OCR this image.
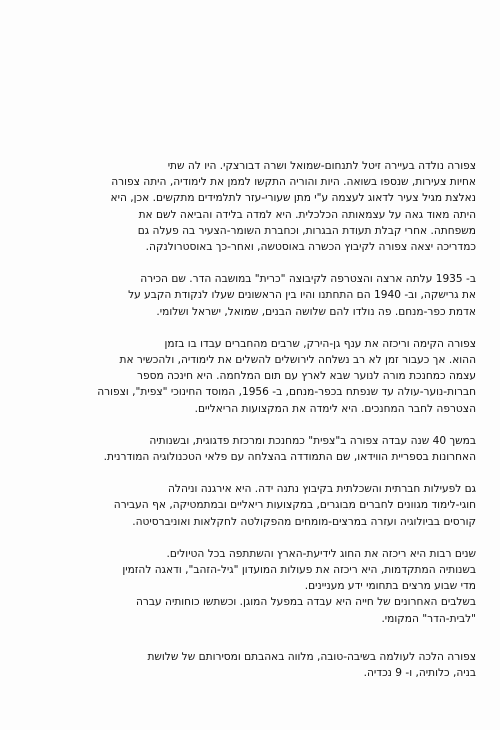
צפורה נולדה בעיירה זיטל לתנחום-שמואל ושרה דבורצקי. היו לה שתי
אחיות צעירות, שנספו בשואה. היות והוריה התקשו לממן את לימודיה, היתה צפורה
נאלצת מגיל צעיר לדאוג לעצמה ע"י מתן שעורי-עזר לתלמידים מתקשים. אכן, היא
היתה מאוד גאה על עצמאותה הכלכלית. היא למדה בלידה והביאה לשם את
משפחתה. אחרי קבלת תעודת הבגרות, וכחברת השומר-הצעיר בה פעלה גם
כמדריכה יצאה צפורה לקיבוץ הכשרה באוסטשה, ואחר-כך באוסטרולנקה.

ב- 1935 עלתה ארצה והצטרפה לקיבוצה "כרית" במושבה הדר. שם הכירה
את גרישקה, וב- 1940 הם התחתנו והיו בין הראשונים שעלו לנקודת הקבע על
אדמת כפר-מנחם. פה נולדו להם שלושה הבנים, שמואל, ישראל ושלומי.

צפורה הקימה וריכזה את ענף גן-הירק, שרבים מהחברים עבדו בו בזמן
ההוא. אך כעבור זמן לא רב נשלחה לירושלים להשלים את לימודיה, ולהכשיר את
עצמה כמחנכת מורה לנוער שבא לארץ עם תום המלחמה. היא חינכה מספר
חברות-נוער-עולה עד שנפתח בכפר-מנחם, ב- 1956, המוסד החינוכי "צפית", וצפורה
הצטרפה לחבר המחנכים. היא לימדה את המקצועות הריאליים.

במשך 40 שנה עבדה צפורה ב"צפית" כמחנכת ומרכזת פדגוגית, ובשנותיה
האחרונות בספריית הווידאו, שם התמודדה בהצלחה עם פלאי הטכנולוגיה המודרנית.

גם לפעילות חברתית והשכלתית בקיבוץ נתנה ידה. היא אירגנה וניהלה
חוגי-לימוד מגוונים לחברים מבוגרים, במקצועות ריאליים ובמתמטיקה, אף העבירה
קורסים בביולוגיה ועזרה במרצים-מומחים מהפקולטה לחקלאות ואוניברסיטה.

שנים רבות היא ריכזה את החוג לידיעת-הארץ והשתתפה בכל הטיולים.
בשנותיה המתקדמות, היא ריכזה את פעולות המועדון "גיל-הזהב", ודאגה להזמין
מדי שבוע מרצים בתחומי ידע מעניינים.
בשלבים האחרונים של חייה היא עבדה במפעל המוגן. וכשתשו כוחותיה עברה
"לבית-הדר" המקומי.

צפורה הלכה לעולמה בשיבה-טובה, מלווה באהבתם ומסירותם של שלושת
בניה, כלותיה, ו- 9 נכדיה.
